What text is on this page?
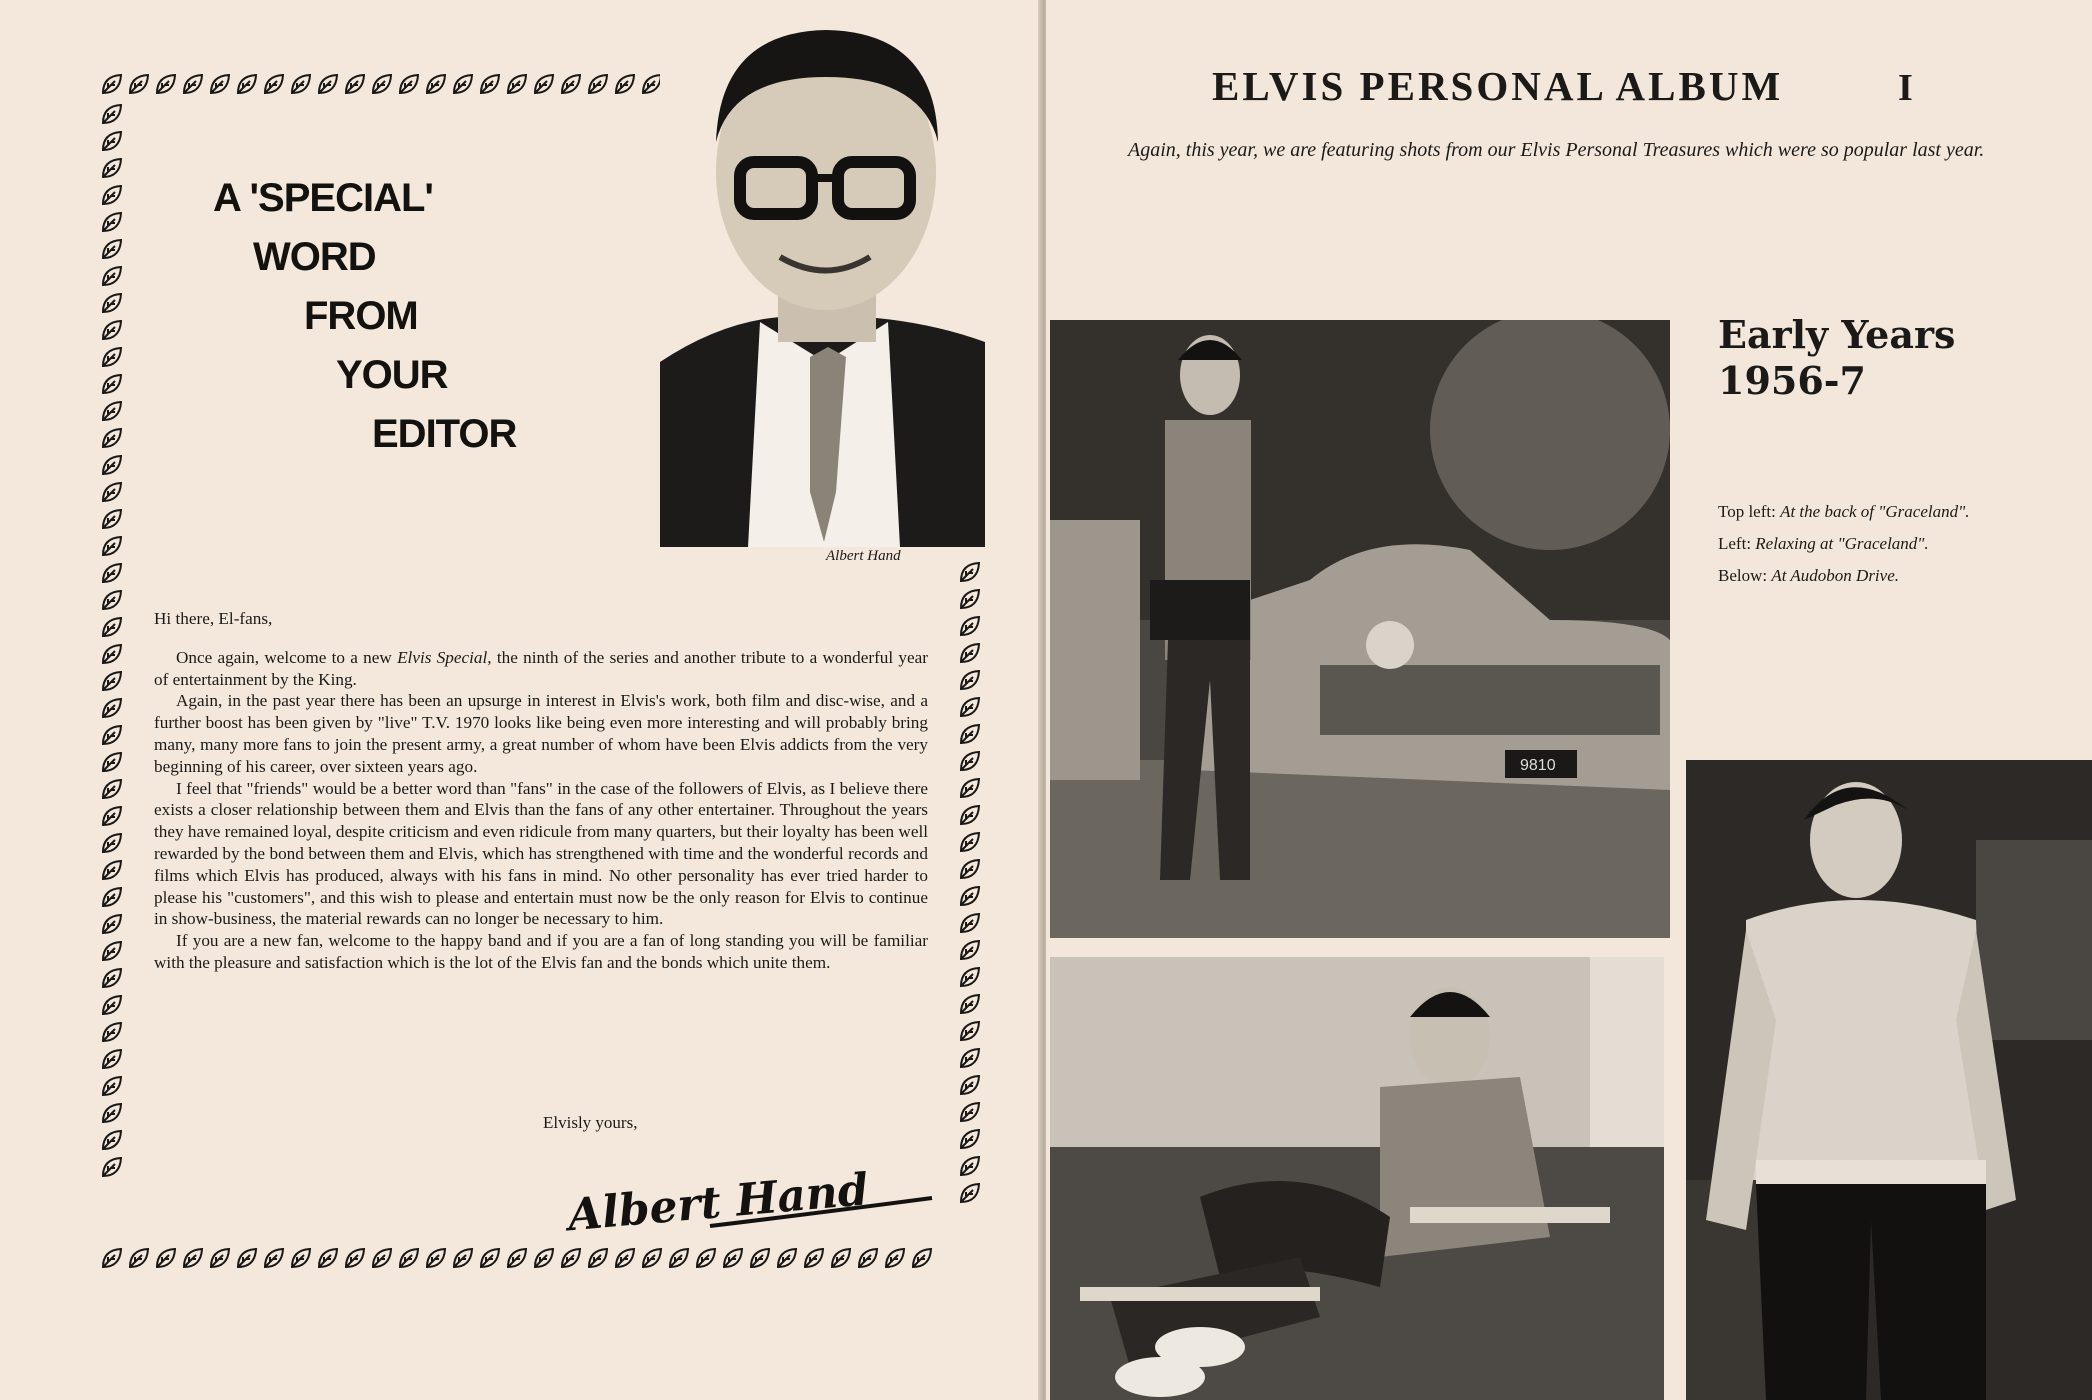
A 'SPECIAL'
WORD
FROM
YOUR
EDITOR
Albert Hand

Hi there, El-fans,

Once again, welcome to a new Elvis Special, the ninth of the series and another tribute to a wonderful year of entertainment by the King.

Again, in the past year there has been an upsurge in interest in Elvis's work, both film and disc-wise, and a further boost has been given by "live" T.V. 1970 looks like being even more interesting and will probably bring many, many more fans to join the present army, a great number of whom have been Elvis addicts from the very beginning of his career, over sixteen years ago.

I feel that "friends" would be a better word than "fans" in the case of the followers of Elvis, as I believe there exists a closer relationship between them and Elvis than the fans of any other entertainer. Throughout the years they have remained loyal, despite criticism and even ridicule from many quarters, but their loyalty has been well rewarded by the bond between them and Elvis, which has strengthened with time and the wonderful records and films which Elvis has produced, always with his fans in mind. No other personality has ever tried harder to please his "customers", and this wish to please and entertain must now be the only reason for Elvis to continue in show-business, the material rewards can no longer be necessary to him.

If you are a new fan, welcome to the happy band and if you are a fan of long standing you will be familiar with the pleasure and satisfaction which is the lot of the Elvis fan and the bonds which unite them.

Elvisly yours,
Albert Hand
ELVIS PERSONAL ALBUM	I
Again, this year, we are featuring shots from our Elvis Personal Treasures which were so popular last year.
Early Years
1956-7
Top left: At the back of "Graceland".
Left: Relaxing at "Graceland".
Below: At Audobon Drive.
9810
